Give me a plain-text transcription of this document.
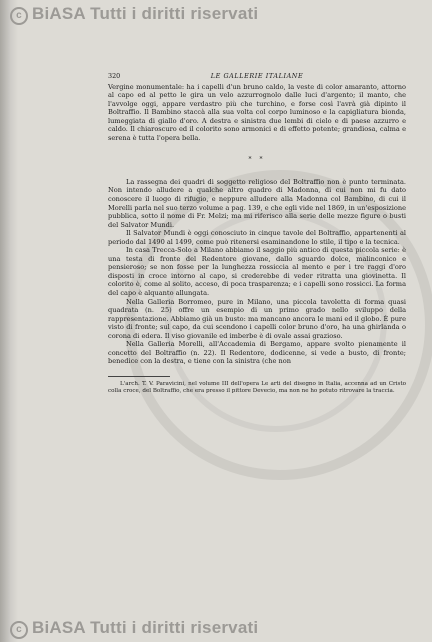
c BiASA Tutti i diritti riservati
320	LE GALLERIE ITALIANE

Vergine monumentale: ha i capelli d'un bruno caldo, la veste di color amaranto, attorno al capo ed al petto le gira un velo azzurrognolo dalle luci d'argento; il manto, che l'avvolge oggi, appare verdastro più che turchino, e forse così l'avrà già dipinto il Boltraffio. Il Bambino staccà alla sua volta col corpo luminoso e la capigliatura bionda, lumeggiata di giallo d'oro. A destra e sinistra due lembi di cielo e di paese azzurro e caldo. Il chiaroscuro ed il colorito sono armonici e di effetto potente; grandiosa, calma e serena è tutta l'opera bella.

* *

La rassegna dei quadri di soggetto religioso del Boltraffio non è punto terminata. Non intendo alludere a qualche altro quadro di Madonna, di cui non mi fu dato conoscere il luogo di rifugio, e neppure alludere alla Madonna col Bambino, di cui il Morelli parla nel suo terzo volume a pag. 139, e che egli vide nel 1869, in un'esposizione pubblica, sotto il nome di Fr. Melzi; ma mi riferisco alla serie delle mezze figure o busti del Salvator Mundi.

Il Salvator Mundi è oggi conosciuto in cinque tavole del Boltraffio, appartenenti al periodo dal 1490 al 1499, come può ritenersi esaminandone lo stile, il tipo e la tecnica.

In casa Trecca-Solo a Milano abbiamo il saggio più antico di questa piccola serie: è una testa di fronte del Redentore giovane, dallo sguardo dolce, malinconico e pensieroso; se non fosse per la lunghezza rossiccia al mento e per i tre raggi d'oro disposti in croce intorno al capo, si crederebbe di veder ritratta una giovinetta. Il colorito è, come al solito, acceso, di poca trasparenza; e i capelli sono rossicci. La forma del capo è alquanto allungata.

Nella Galleria Borromeo, pure in Milano, una piccola tavoletta di forma quasi quadrata (n. 25) offre un esempio di un primo grado nello sviluppo della rappresentazione. Abbiamo già un busto: ma mancano ancora le mani ed il globo. È pure visto di fronte; sul capo, da cui scendono i capelli color bruno d'oro, ha una ghirlanda o corona di edera. Il viso giovanile ed imberbe è di ovale assai grazioso.

Nella Galleria Morelli, all'Accademia di Bergamo, appare svolto pienamente il concetto del Boltraffio (n. 22). Il Redentore, dodicenne, si vede a busto, di fronte; benedice con la destra, e tiene con la sinistra (che non

L'arch. T. V. Paravicini, nel volume III dell'opera Le arti del disegno in Italia, accenna ad un Cristo colla croce, del Boltraffio, che era presso il pittore Devecio, ma non ne ho potuto ritrovare la traccia.

c BiASA Tutti i diritti riservati
